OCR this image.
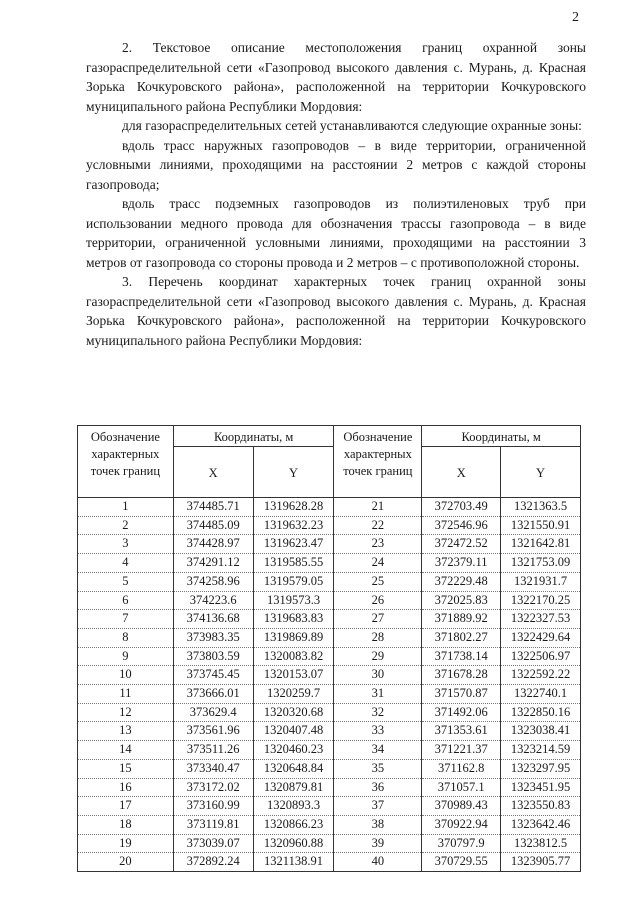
2

2. Текстовое описание местоположения границ охранной зоны газораспределительной сети «Газопровод высокого давления с. Мурань, д. Красная Зорька Кочкуровского района», расположенной на территории Кочкуровского муниципального района Республики Мордовия:

для газораспределительных сетей устанавливаются следующие охранные зоны:

вдоль трасс наружных газопроводов – в виде территории, ограниченной условными линиями, проходящими на расстоянии 2 метров с каждой стороны газопровода;

вдоль трасс подземных газопроводов из полиэтиленовых труб при использовании медного провода для обозначения трассы газопровода – в виде территории, ограниченной условными линиями, проходящими на расстоянии 3 метров от газопровода со стороны провода и 2 метров – с противоположной стороны.

3. Перечень координат характерных точек границ охранной зоны газораспределительной сети «Газопровод высокого давления с. Мурань, д. Красная Зорька Кочкуровского района», расположенной на территории Кочкуровского муниципального района Республики Мордовия:

Обозначение характерных точек границ	Координаты, м		Обозначение характерных точек границ	Координаты, м	
	X	Y		X	Y
1	374485.71	1319628.28	21	372703.49	1321363.5
2	374485.09	1319632.23	22	372546.96	1321550.91
3	374428.97	1319623.47	23	372472.52	1321642.81
4	374291.12	1319585.55	24	372379.11	1321753.09
5	374258.96	1319579.05	25	372229.48	1321931.7
6	374223.6	1319573.3	26	372025.83	1322170.25
7	374136.68	1319683.83	27	371889.92	1322327.53
8	373983.35	1319869.89	28	371802.27	1322429.64
9	373803.59	1320083.82	29	371738.14	1322506.97
10	373745.45	1320153.07	30	371678.28	1322592.22
11	373666.01	1320259.7	31	371570.87	1322740.1
12	373629.4	1320320.68	32	371492.06	1322850.16
13	373561.96	1320407.48	33	371353.61	1323038.41
14	373511.26	1320460.23	34	371221.37	1323214.59
15	373340.47	1320648.84	35	371162.8	1323297.95
16	373172.02	1320879.81	36	371057.1	1323451.95
17	373160.99	1320893.3	37	370989.43	1323550.83
18	373119.81	1320866.23	38	370922.94	1323642.46
19	373039.07	1320960.88	39	370797.9	1323812.5
20	372892.24	1321138.91	40	370729.55	1323905.77
